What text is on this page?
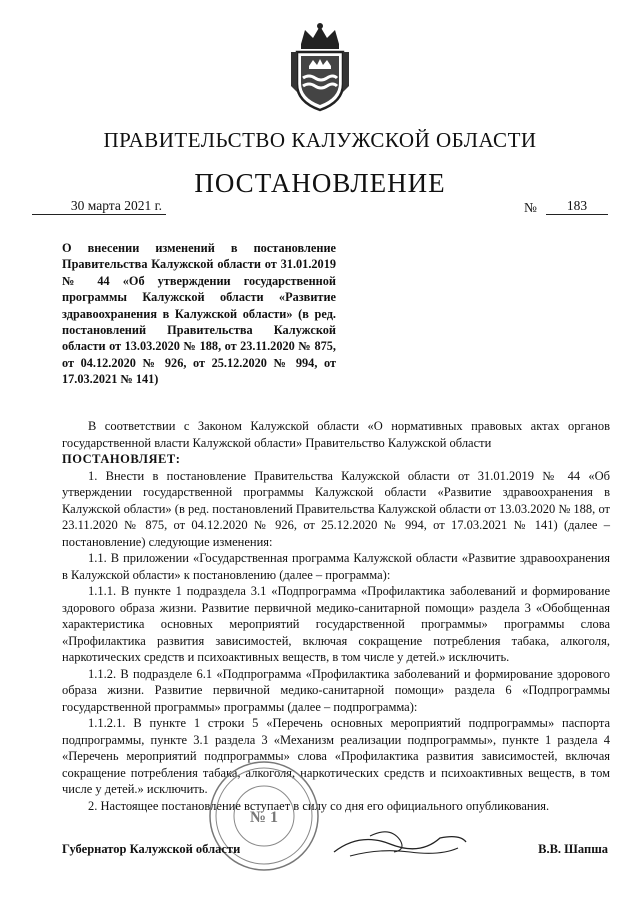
ПРАВИТЕЛЬСТВО КАЛУЖСКОЙ ОБЛАСТИ
ПОСТАНОВЛЕНИЕ
30 марта 2021 г.	№	183
О внесении изменений в постановление Правительства Калужской области от 31.01.2019 № 44 «Об утверждении государственной программы Калужской области «Развитие здравоохранения в Калужской области» (в ред. постановлений Правительства Калужской области от 13.03.2020 № 188, от 23.11.2020 № 875, от 04.12.2020 № 926, от 25.12.2020 № 994, от 17.03.2021 № 141)

В соответствии с Законом Калужской области «О нормативных правовых актах органов государственной власти Калужской области» Правительство Калужской области

ПОСТАНОВЛЯЕТ:

1. Внести в постановление Правительства Калужской области от 31.01.2019 № 44 «Об утверждении государственной программы Калужской области «Развитие здравоохранения в Калужской области» (в ред. постановлений Правительства Калужской области от 13.03.2020 № 188, от 23.11.2020 № 875, от 04.12.2020 № 926, от 25.12.2020 № 994, от 17.03.2021 № 141) (далее – постановление) следующие изменения:

1.1. В приложении «Государственная программа Калужской области «Развитие здравоохранения в Калужской области» к постановлению (далее – программа):

1.1.1. В пункте 1 подраздела 3.1 «Подпрограмма «Профилактика заболеваний и формирование здорового образа жизни. Развитие первичной медико-санитарной помощи» раздела 3 «Обобщенная характеристика основных мероприятий государственной программы» программы слова «Профилактика развития зависимостей, включая сокращение потребления табака, алкоголя, наркотических средств и психоактивных веществ, в том числе у детей.» исключить.

1.1.2. В подразделе 6.1 «Подпрограмма «Профилактика заболеваний и формирование здорового образа жизни. Развитие первичной медико-санитарной помощи» раздела 6 «Подпрограммы государственной программы» программы (далее – подпрограмма):

1.1.2.1. В пункте 1 строки 5 «Перечень основных мероприятий подпрограммы» паспорта подпрограммы, пункте 3.1 раздела 3 «Механизм реализации подпрограммы», пункте 1 раздела 4 «Перечень мероприятий подпрограммы» слова «Профилактика развития зависимостей, включая сокращение потребления табака, алкоголя, наркотических средств и психоактивных веществ, в том числе у детей.» исключить.

2. Настоящее постановление вступает в силу со дня его официального опубликования.

№ 1
Губернатор Калужской области	В.В. Шапша
